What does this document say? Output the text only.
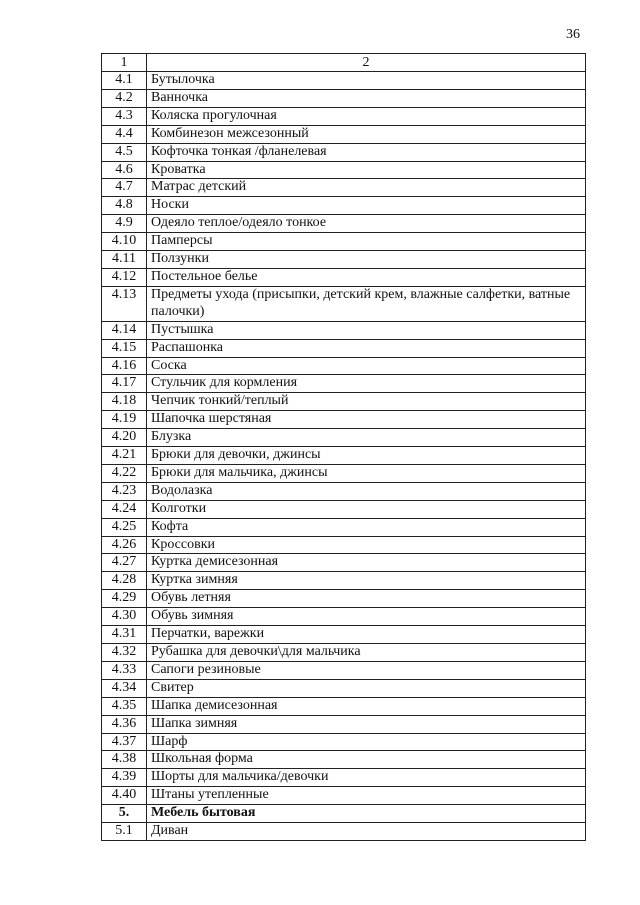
36
1	2
4.1	Бутылочка
4.2	Ванночка
4.3	Коляска прогулочная
4.4	Комбинезон межсезонный
4.5	Кофточка тонкая /фланелевая
4.6	Кроватка
4.7	Матрас детский
4.8	Носки
4.9	Одеяло теплое/одеяло тонкое
4.10	Памперсы
4.11	Ползунки
4.12	Постельное белье
4.13	Предметы ухода (присыпки, детский крем, влажные салфетки, ватные палочки)
4.14	Пустышка
4.15	Распашонка
4.16	Соска
4.17	Стульчик для кормления
4.18	Чепчик тонкий/теплый
4.19	Шапочка шерстяная
4.20	Блузка
4.21	Брюки для девочки, джинсы
4.22	Брюки для мальчика, джинсы
4.23	Водолазка
4.24	Колготки
4.25	Кофта
4.26	Кроссовки
4.27	Куртка демисезонная
4.28	Куртка зимняя
4.29	Обувь летняя
4.30	Обувь зимняя
4.31	Перчатки, варежки
4.32	Рубашка для девочки\для мальчика
4.33	Сапоги резиновые
4.34	Свитер
4.35	Шапка демисезонная
4.36	Шапка зимняя
4.37	Шарф
4.38	Школьная форма
4.39	Шорты для мальчика/девочки
4.40	Штаны утепленные
5.	Мебель бытовая
5.1	Диван
